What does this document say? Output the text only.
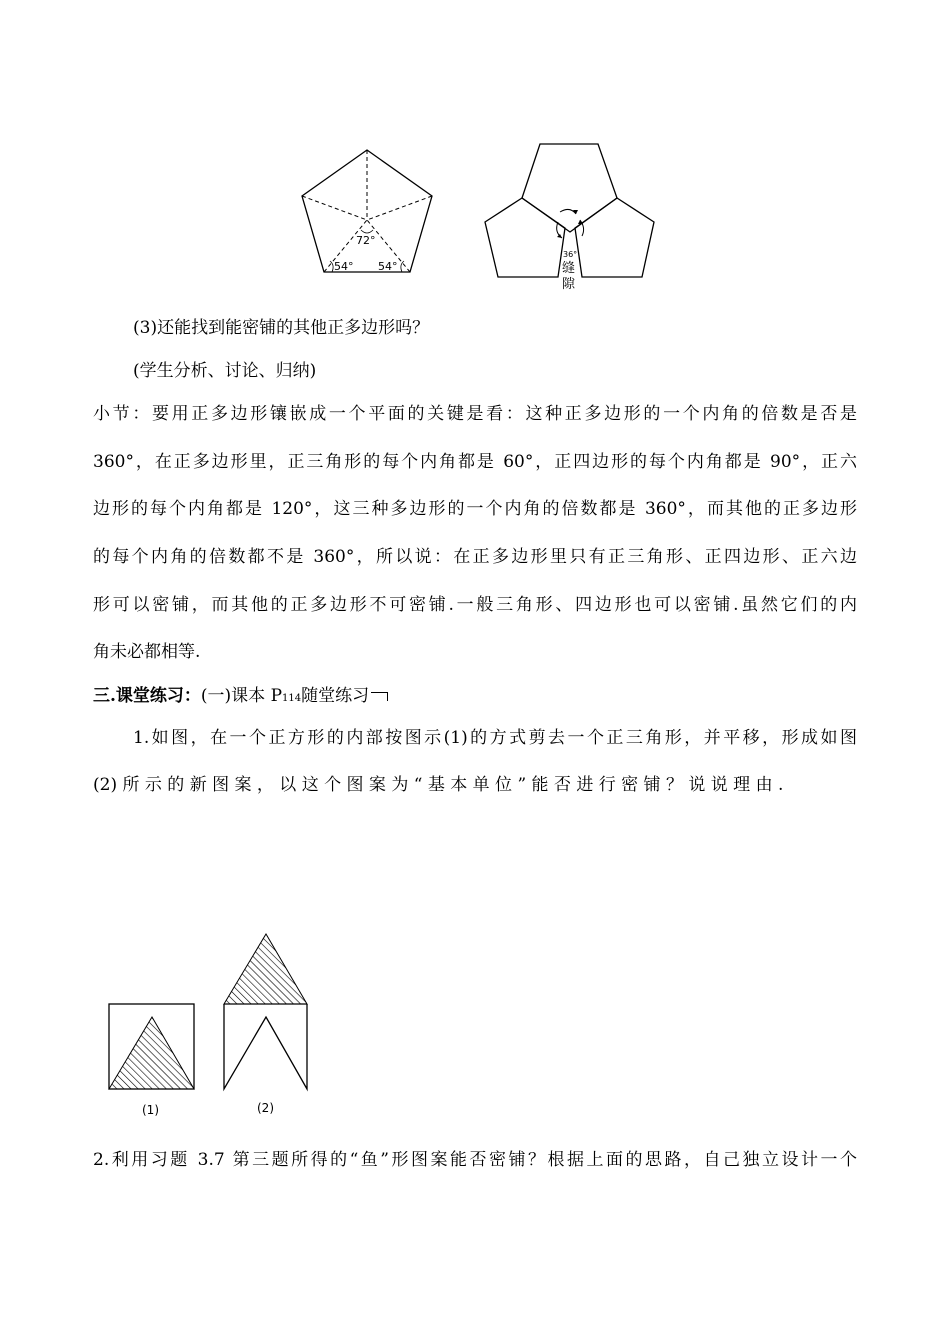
72°
54° 54°
36°
缝
隙
(3)还能找到能密铺的其他正多边形吗？
(学生分析、讨论、归纳)
小节：要用正多边形镶嵌成一个平面的关键是看：这种正多边形的一个内角的倍数是否是
360°，在正多边形里，正三角形的每个内角都是 60°，正四边形的每个内角都是 90°，正六
边形的每个内角都是 120°，这三种多边形的一个内角的倍数都是 360°，而其他的正多边形
的每个内角的倍数都不是 360°，所以说：在正多边形里只有正三角形、正四边形、正六边
形可以密铺，而其他的正多边形不可密铺.一般三角形、四边形也可以密铺.虽然它们的内
角未必都相等.
三.课堂练习：(一)课本 P114随堂练习
1.如图，在一个正方形的内部按图示(1)的方式剪去一个正三角形，并平移，形成如图
(2) 所 示 的 新 图 案 ， 以 这 个 图 案 为 “ 基 本 单 位 ” 能 否 进 行 密 铺 ？ 说 说 理 由 .
(1)	(2)
2.利用习题 3.7 第三题所得的“鱼”形图案能否密铺？根据上面的思路，自己独立设计一个
